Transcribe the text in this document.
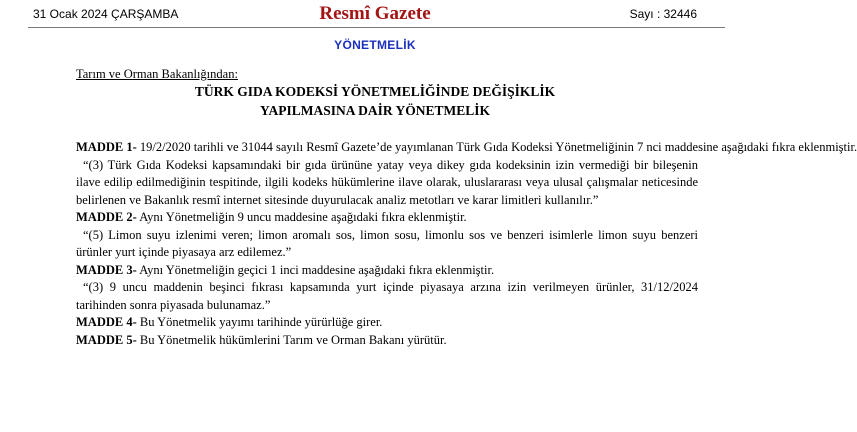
31 Ocak 2024 ÇARŞAMBA	Resmî Gazete	Sayı : 32446
YÖNETMELİK
Tarım ve Orman Bakanlığından:
TÜRK GIDA KODEKSİ YÖNETMELİĞİNDE DEĞİŞİKLİK
YAPILMASINA DAİR YÖNETMELİK

MADDE 1- 19/2/2020 tarihli ve 31044 sayılı Resmî Gazete’de yayımlanan Türk Gıda Kodeksi Yönetmeliğinin 7 nci maddesine aşağıdaki fıkra eklenmiştir.

“(3) Türk Gıda Kodeksi kapsamındaki bir gıda ürününe yatay veya dikey gıda kodeksinin izin vermediği bir bileşenin ilave edilip edilmediğinin tespitinde, ilgili kodeks hükümlerine ilave olarak, uluslararası veya ulusal çalışmalar neticesinde belirlenen ve Bakanlık resmî internet sitesinde duyurulacak analiz metotları ve karar limitleri kullanılır.”

MADDE 2- Aynı Yönetmeliğin 9 uncu maddesine aşağıdaki fıkra eklenmiştir.

“(5) Limon suyu izlenimi veren; limon aromalı sos, limon sosu, limonlu sos ve benzeri isimlerle limon suyu benzeri ürünler yurt içinde piyasaya arz edilemez.”

MADDE 3- Aynı Yönetmeliğin geçici 1 inci maddesine aşağıdaki fıkra eklenmiştir.

“(3) 9 uncu maddenin beşinci fıkrası kapsamında yurt içinde piyasaya arzına izin verilmeyen ürünler, 31/12/2024 tarihinden sonra piyasada bulunamaz.”

MADDE 4- Bu Yönetmelik yayımı tarihinde yürürlüğe girer.

MADDE 5- Bu Yönetmelik hükümlerini Tarım ve Orman Bakanı yürütür.
